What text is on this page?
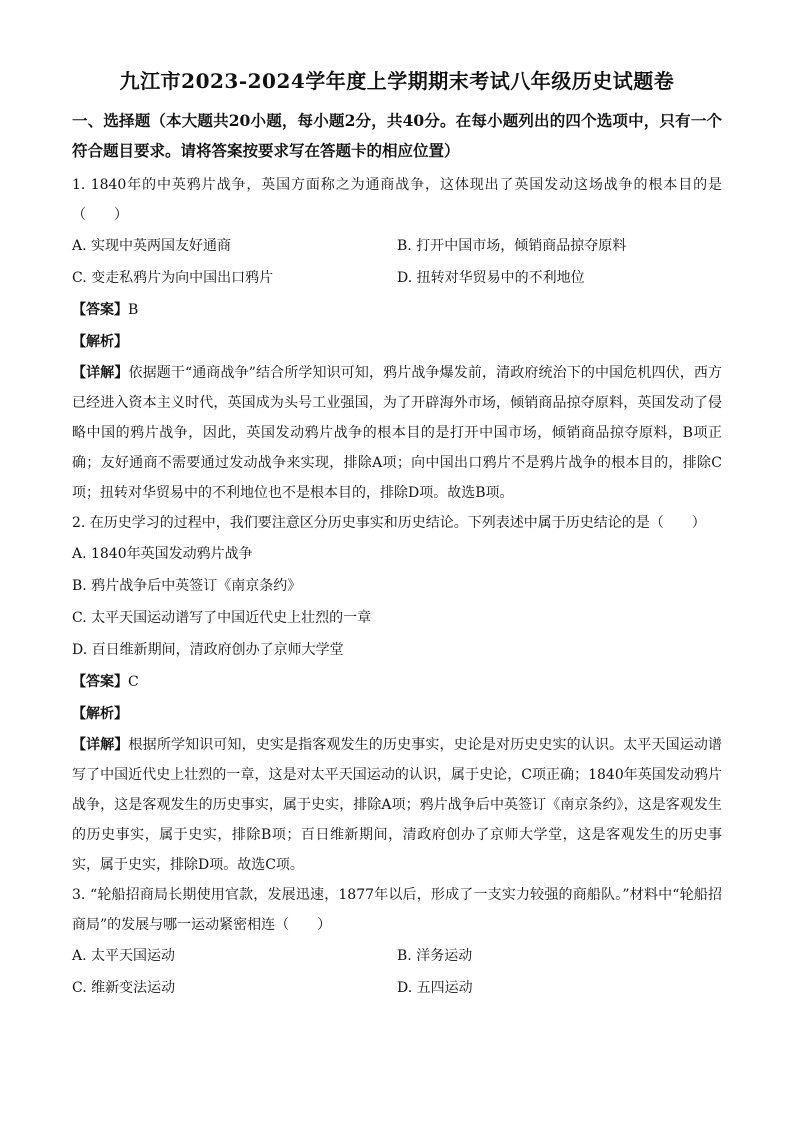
九江市2023-2024学年度上学期期末考试八年级历史试题卷

一、选择题（本大题共20小题，每小题2分，共40分。在每小题列出的四个选项中，只有一个符合题目要求。请将答案按要求写在答题卡的相应位置）

1. 1840年的中英鸦片战争，英国方面称之为通商战争，这体现出了英国发动这场战争的根本目的是（　　）

A. 实现中英两国友好通商	B. 打开中国市场，倾销商品掠夺原料
C. 变走私鸦片为向中国出口鸦片	D. 扭转对华贸易中的不利地位
【答案】B
【解析】

【详解】依据题干“通商战争”结合所学知识可知，鸦片战争爆发前，清政府统治下的中国危机四伏，西方已经进入资本主义时代，英国成为头号工业强国，为了开辟海外市场，倾销商品掠夺原料，英国发动了侵略中国的鸦片战争，因此，英国发动鸦片战争的根本目的是打开中国市场，倾销商品掠夺原料，B项正确；友好通商不需要通过发动战争来实现，排除A项；向中国出口鸦片不是鸦片战争的根本目的，排除C项；扭转对华贸易中的不利地位也不是根本目的，排除D项。故选B项。

2. 在历史学习的过程中，我们要注意区分历史事实和历史结论。下列表述中属于历史结论的是（　　）

A. 1840年英国发动鸦片战争
B. 鸦片战争后中英签订《南京条约》
C. 太平天国运动谱写了中国近代史上壮烈的一章
D. 百日维新期间，清政府创办了京师大学堂
【答案】C
【解析】

【详解】根据所学知识可知，史实是指客观发生的历史事实，史论是对历史史实的认识。太平天国运动谱写了中国近代史上壮烈的一章，这是对太平天国运动的认识，属于史论，C项正确；1840年英国发动鸦片战争，这是客观发生的历史事实，属于史实，排除A项；鸦片战争后中英签订《南京条约》，这是客观发生的历史事实，属于史实，排除B项；百日维新期间，清政府创办了京师大学堂，这是客观发生的历史事实，属于史实，排除D项。故选C项。

3. “轮船招商局长期使用官款，发展迅速，1877年以后，形成了一支实力较强的商船队。”材料中“轮船招商局”的发展与哪一运动紧密相连（　　）

A. 太平天国运动	B. 洋务运动
C. 维新变法运动	D. 五四运动
